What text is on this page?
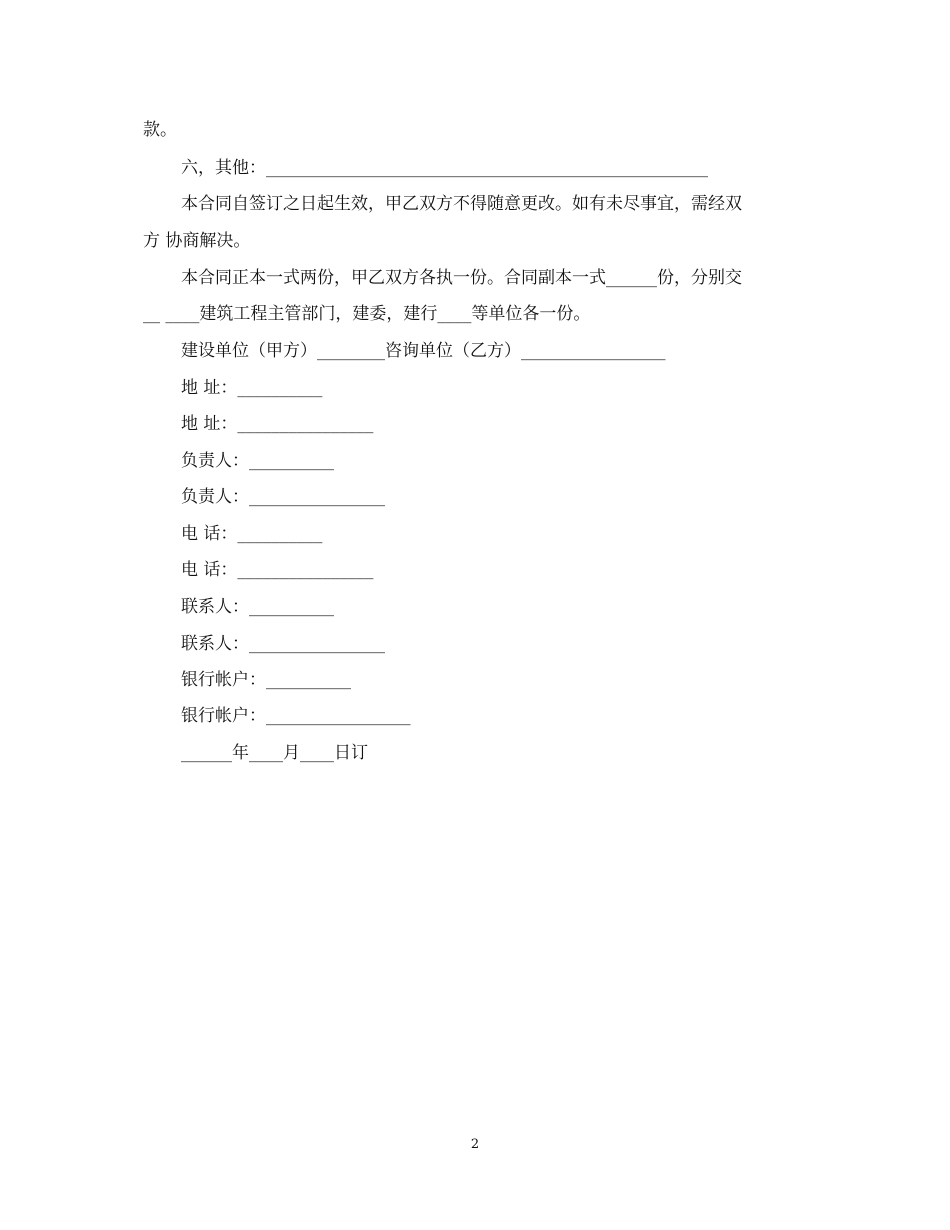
款。
六，其他：____________________________________________________
本合同自签订之日起生效，甲乙双方不得随意更改。如有未尽事宜，需经双
方 协商解决。
本合同正本一式两份，甲乙双方各执一份。合同副本一式______份，分别交
__ ____建筑工程主管部门，建委，建行____等单位各一份。
建设单位（甲方）________咨询单位（乙方）_________________
地 址：__________
地 址：________________
负责人：__________
负责人：________________
电 话：__________
电 话：________________
联系人：__________
联系人：________________
银行帐户：__________
银行帐户：_________________
______年____月____日订
2
